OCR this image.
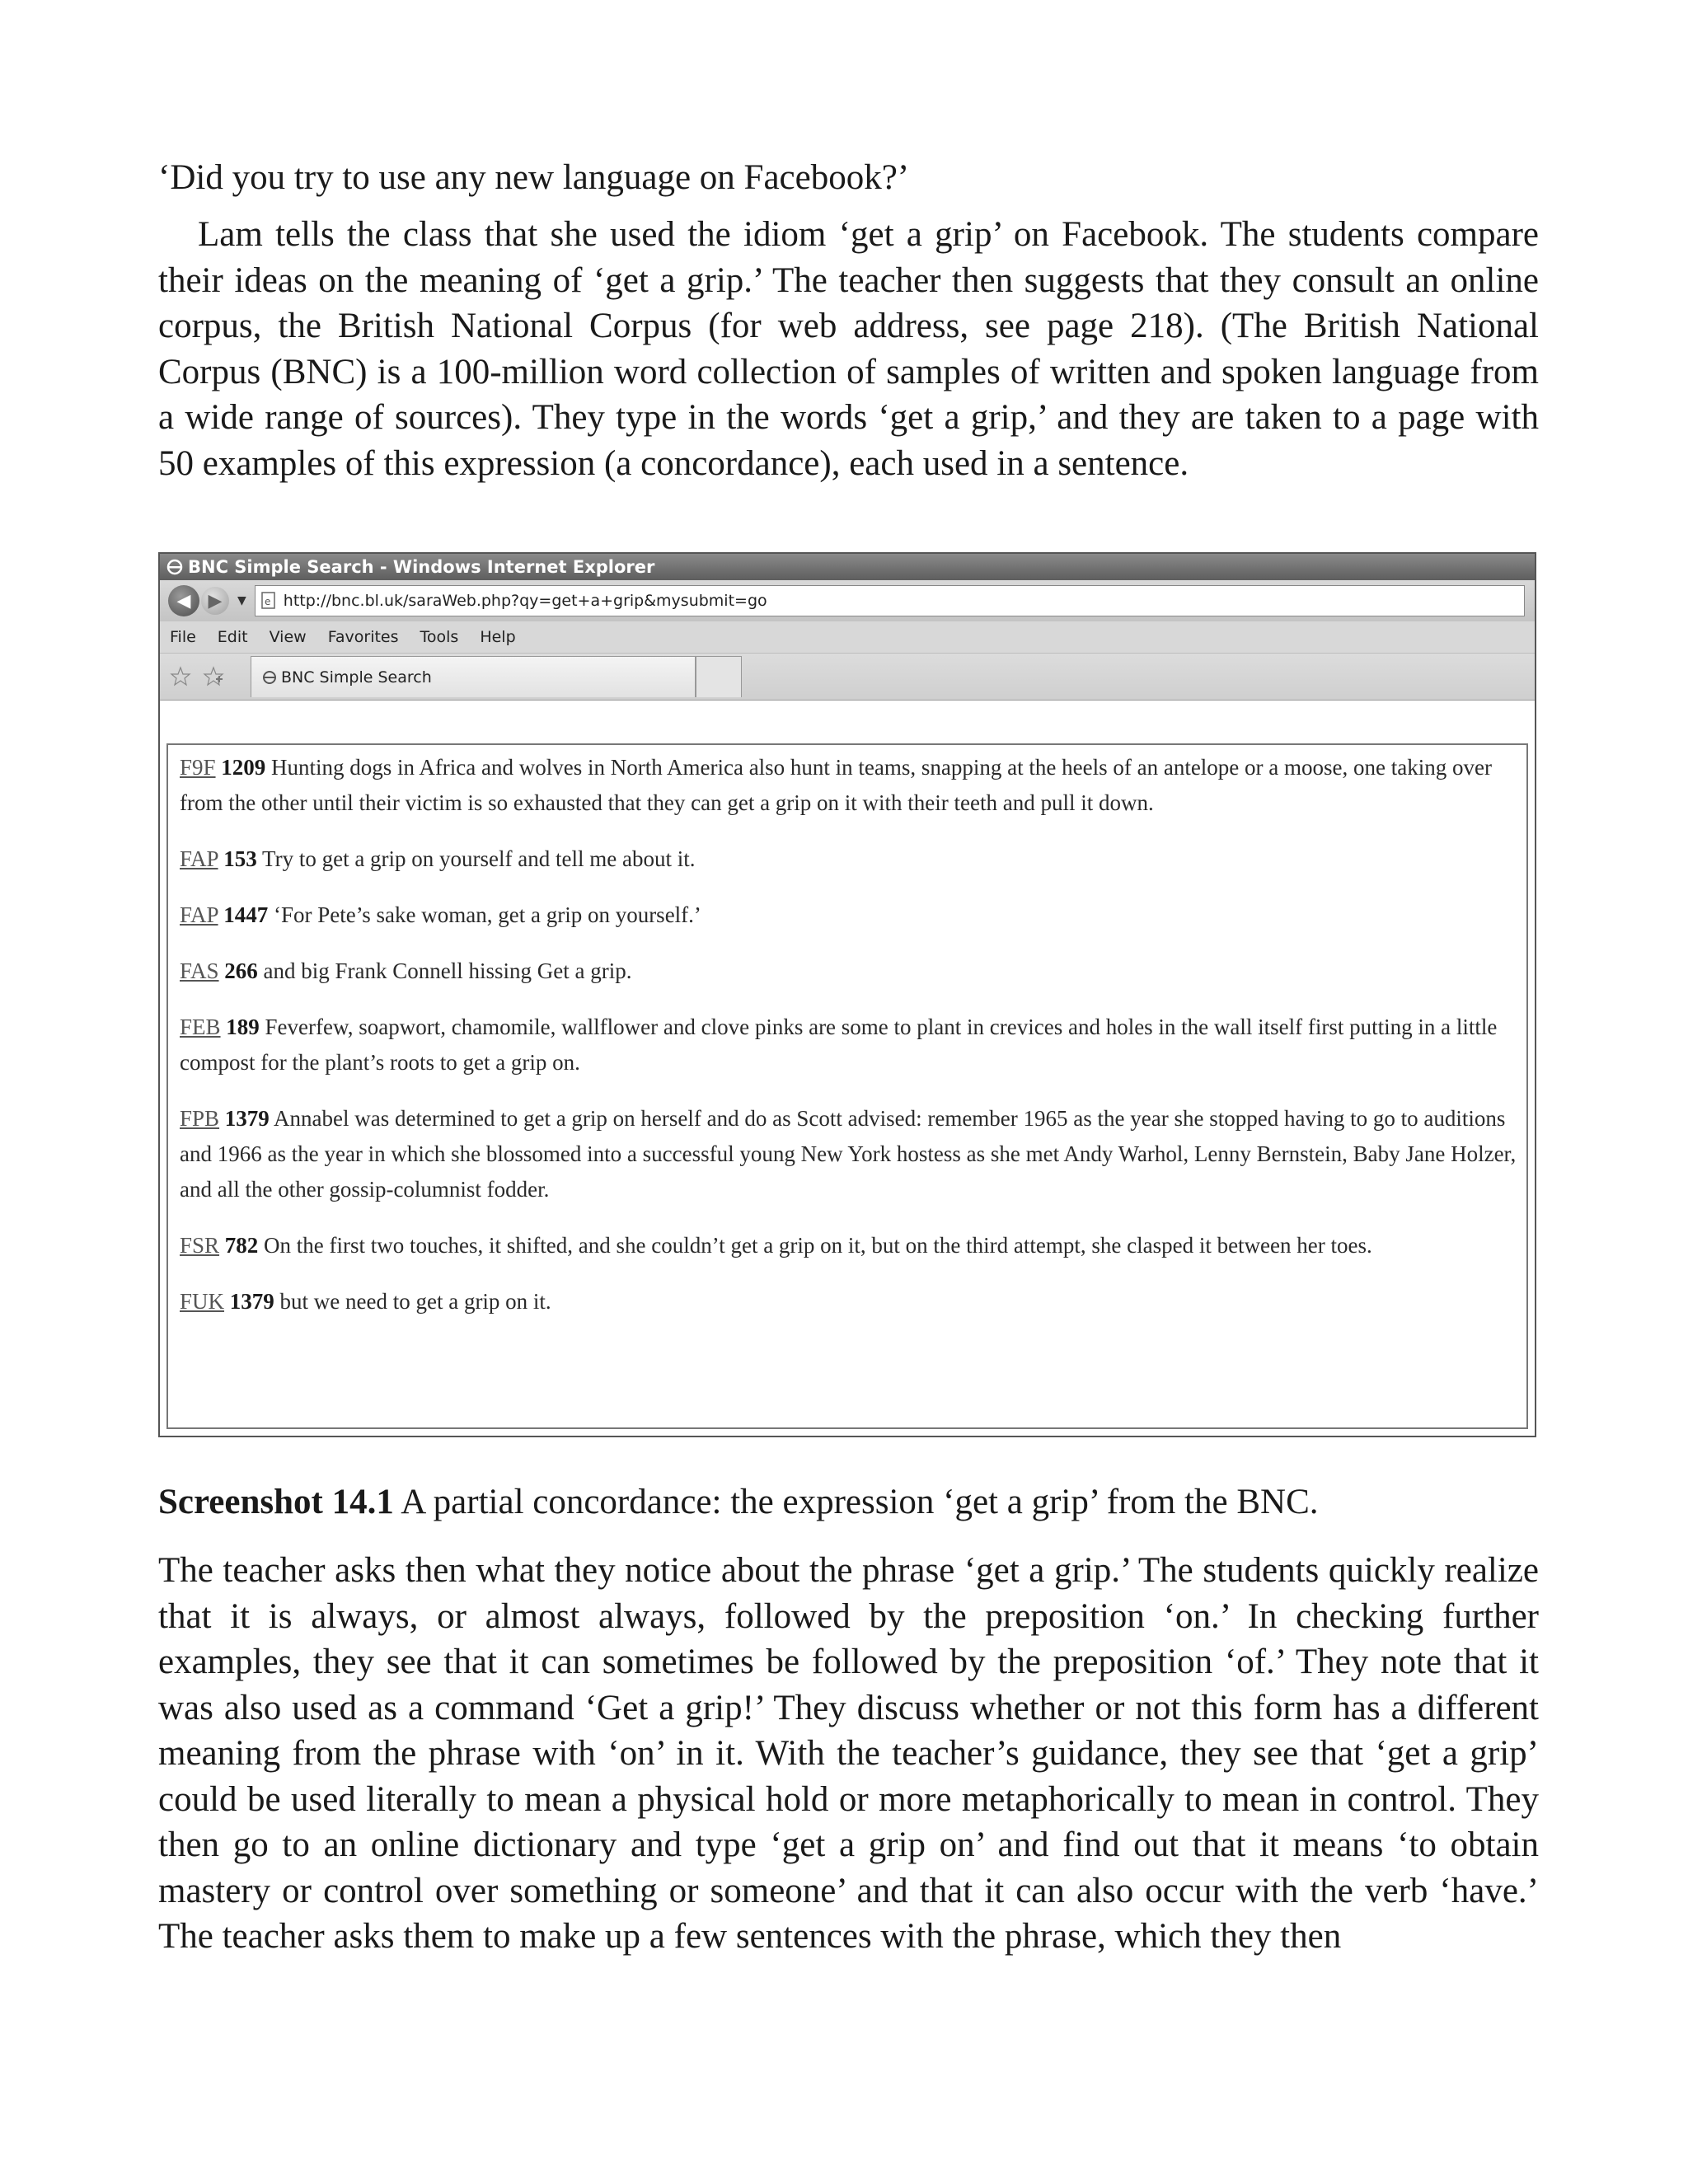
‘Did you try to use any new language on Facebook?’

Lam tells the class that she used the idiom ‘get a grip’ on Facebook. The students compare their ideas on the meaning of ‘get a grip.’ The teacher then suggests that they consult an online corpus, the British National Corpus (for web address, see page 218). (The British National Corpus (BNC) is a 100-million word collection of samples of written and spoken language from a wide range of sources). They type in the words ‘get a grip,’ and they are taken to a page with 50 examples of this expression (a concordance), each used in a sentence.

BNC Simple Search - Windows Internet Explorer
◀ ▶	▼ e http://bnc.bl.uk/saraWeb.php?qy=get+a+grip&mysubmit=go
File Edit View Favorites Tools Help
BNC Simple Search
F9F 1209 Hunting dogs in Africa and wolves in North America also hunt in teams, snapping at the heels of an antelope or a moose, one taking over from the other until their victim is so exhausted that they can get a grip on it with their teeth and pull it down.
FAP 153 Try to get a grip on yourself and tell me about it.
FAP 1447 ‘For Pete’s sake woman, get a grip on yourself.’
FAS 266 and big Frank Connell hissing Get a grip.
FEB 189 Feverfew, soapwort, chamomile, wallflower and clove pinks are some to plant in crevices and holes in the wall itself first putting in a little compost for the plant’s roots to get a grip on.
FPB 1379 Annabel was determined to get a grip on herself and do as Scott advised: remember 1965 as the year she stopped having to go to auditions and 1966 as the year in which she blossomed into a successful young New York hostess as she met Andy Warhol, Lenny Bernstein, Baby Jane Holzer, and all the other gossip-columnist fodder.
FSR 782 On the first two touches, it shifted, and she couldn’t get a grip on it, but on the third attempt, she clasped it between her toes.
FUK 1379 but we need to get a grip on it.

Screenshot 14.1 A partial concordance: the expression ‘get a grip’ from the BNC.

The teacher asks then what they notice about the phrase ‘get a grip.’ The students quickly realize that it is always, or almost always, followed by the preposition ‘on.’ In checking further examples, they see that it can sometimes be followed by the preposition ‘of.’ They note that it was also used as a command ‘Get a grip!’ They discuss whether or not this form has a different meaning from the phrase with ‘on’ in it. With the teacher’s guidance, they see that ‘get a grip’ could be used literally to mean a physical hold or more metaphorically to mean in control. They then go to an online dictionary and type ‘get a grip on’ and find out that it means ‘to obtain mastery or control over something or someone’ and that it can also occur with the verb ‘have.’ The teacher asks them to make up a few sentences with the phrase, which they then
